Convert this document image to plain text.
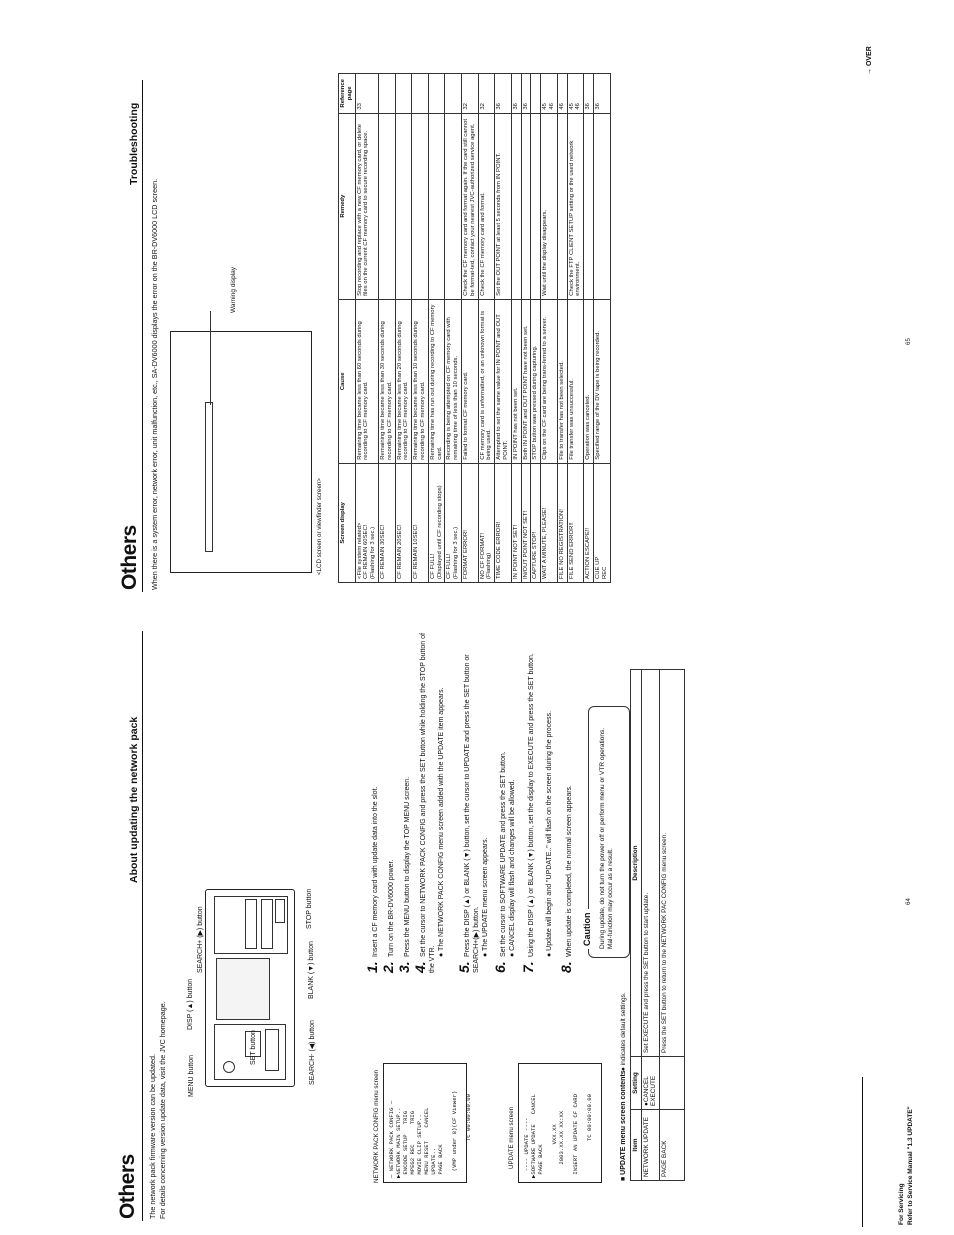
Others The network pack firmware version can be updated. For details concerning version update data, visit the JVC homepage.
About updating the network pack
NETWORK PACK CONFIG menu screen — NETWORK PACK CONFIG —
▶NETWORK MAIN SETUP..
ENCODE SETUP   TRIG
MPEG2 REC      TRIG
MOVIE CLIP SETUP..
MENU RESET    CANCEL
UPDATE..
PAGE BACK

(VMP under 8)(CF Viewer)

TC 00:00:00.00	UPDATE menu screen ---- UPDATE ----
▶SOFTWARE UPDATE   CANCEL
PAGE BACK

VXX.XX
2003.XX.XX XX:XX

INSERT AN UPDATE CF CARD

TC 00:00:00.00
MENU button
DISP (▲) button
SEARCH+ (▶) button
SET button	SEARCH- (◀) button
BLANK (▼) button
STOP button
1.Insert a CF memory card with update data into the slot.
2.Turn on the BR-DV6000 power.
3.Press the MENU button to display the TOP MENU screen.
4.Set the cursor to NETWORK PACK CONFIG and press the SET button while holding the STOP button of the VTR.
● The NETWORK PACK CONFIG menu screen added with the UPDATE item appears.
5.Press the DISP (▲) or BLANK (▼) button, set the cursor to UPDATE and press the SET button or SEARCH+(▶) button. ● The UPDATE menu screen appears.
6.Set the cursor to SOFTWARE UPDATE and press the SET button. ● CANCEL display will flash and changes will be allowed.
7.Using the DISP (▲) or BLANK (▼) button, set the display to EXECUTE and press the SET button. ● Update will begin and "UPDATE.." will flash on the screen during the process.
8.When update is completed, the normal screen appears. Caution During update, do not turn the power off or perform menu or VTR operations. Mal-function may occur as a result.
■ UPDATE menu screen contents
● indicates default settings.
Item	Setting	Description
NETWORK UPDATE	●CANCEL
EXECUTE	Set EXECUTE and press the SET button to start update.
PAGE BACK		Press the SET button to return to the NETWORK PAC CONFIG menu screen.	64
For Servicing Refer to Service Manual "1.3 UPDATE"
Others
Troubleshooting
When there is a system error, network error, unit malfunction, etc., SA-DV6000 displays the error on the BR-DV6000 LCD screen.	<LCD screen or viewfinder screen>
Warning display
Screen display	Cause	Remedy	Reference page
<File system related>
CF REMAIN 60SEC!
(Flashing for 3 sec.)	Remaining time became less than 60 seconds during recording to CF memory card.	Stop recording and replace with a new CF memory card, or delete files on the current CF memory card to secure recording space.	33
CF REMAIN 30SEC!	Remaining time became less than 30 seconds during recording to CF memory card.		
CF REMAIN 20SEC!	Remaining time became less than 20 seconds during recording to CF memory card.		
CF REMAIN 10SEC!	Remaining time became less than 10 seconds during recording to CF memory card.		
CF FULL!
(Displayed until CF recording stops)	Remaining time has run out during recording to CF memory card.		
CF FULL!
(Flashing for 3 sec.)	Recording is being attempted on CF memory card with remaining time of less than 10 seconds.		
FORMAT ERROR!	Failed to format CF memory card.	Check the CF memory card and format again. If the card still cannot be format-ted, contact your nearest JVC-authorized service agent.	32
NO CF FORMAT!
(Flashing)	CF memory card is unformatted, or an unknown format is being used.	Check the CF memory card and format.	32
TIME CODE ERROR!	Attempted to set the same value for IN POINT and OUT POINT.	Set the OUT POINT at least 5 seconds from IN POINT.	36
IN POINT NOT SET!	IN POINT has not been set.		36
IN/OUT POINT NOT SET!	Both IN POINT and OUT POINT have not been set.		36
CAPTURE STOP!	STOP button was pressed during capturing.		
WAIT A MINUTE, PLEASE!	Clips on the CF card are being trans-ferred to a server.	Wait until the display disappears.	45
46
FILE NO REGISTRATION!	File to transfer has not been selected.		46
FILE SEND ERROR!!	File transfer was unsuccessful.	Check the FTP CLIENT SETUP setting or the used network environment.	45
46
ACTION ESCAPE!!	Operation was canceled.		36
CUE UP
REC	Specified range of the DV tape is being recorded.		36
65
→ OVER
